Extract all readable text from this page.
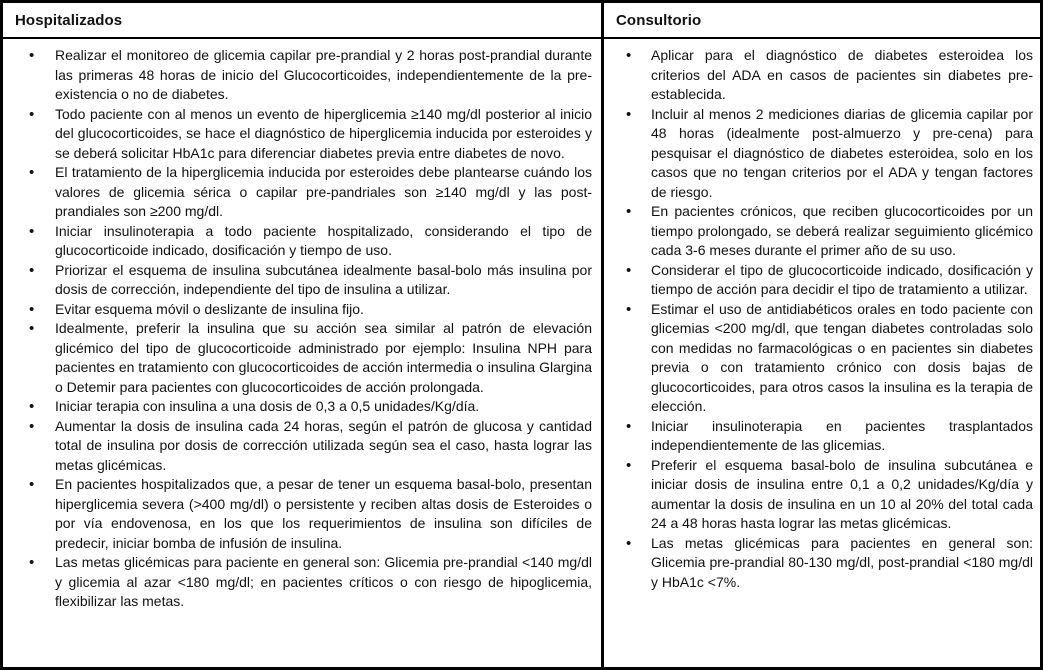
Hospitalizados
• Realizar el monitoreo de glicemia capilar pre-prandial y 2 horas post-prandial durante las primeras 48 horas de inicio del Glucocorticoides, independientemente de la pre-existencia o no de diabetes.
• Todo paciente con al menos un evento de hiperglicemia ≥140 mg/dl posterior al inicio del glucocorticoides, se hace el diagnóstico de hiperglicemia inducida por esteroides y se deberá solicitar HbA1c para diferenciar diabetes previa entre diabetes de novo.
• El tratamiento de la hiperglicemia inducida por esteroides debe plantearse cuándo los valores de glicemia sérica o capilar pre-pandriales son ≥140 mg/dl y las post-prandiales son ≥200 mg/dl.
• Iniciar insulinoterapia a todo paciente hospitalizado, considerando el tipo de glucocorticoide indicado, dosificación y tiempo de uso.
• Priorizar el esquema de insulina subcutánea idealmente basal-bolo más insulina por dosis de corrección, independiente del tipo de insulina a utilizar.
• Evitar esquema móvil o deslizante de insulina fijo.
• Idealmente, preferir la insulina que su acción sea similar al patrón de elevación glicémico del tipo de glucocorticoide administrado por ejemplo: Insulina NPH para pacientes en tratamiento con glucocorticoides de acción intermedia o insulina Glargina o Detemir para pacientes con glucocorticoides de acción prolongada.
• Iniciar terapia con insulina a una dosis de 0,3 a 0,5 unidades/Kg/día.
• Aumentar la dosis de insulina cada 24 horas, según el patrón de glucosa y cantidad total de insulina por dosis de corrección utilizada según sea el caso, hasta lograr las metas glicémicas.
• En pacientes hospitalizados que, a pesar de tener un esquema basal-bolo, presentan hiperglicemia severa (>400 mg/dl) o persistente y reciben altas dosis de Esteroides o por vía endovenosa, en los que los requerimientos de insulina son difíciles de predecir, iniciar bomba de infusión de insulina.
• Las metas glicémicas para paciente en general son: Glicemia pre-prandial <140 mg/dl y glicemia al azar <180 mg/dl; en pacientes críticos o con riesgo de hipoglicemia, flexibilizar las metas.
Consultorio
• Aplicar para el diagnóstico de diabetes esteroidea los criterios del ADA en casos de pacientes sin diabetes pre-establecida.
• Incluir al menos 2 mediciones diarias de glicemia capilar por 48 horas (idealmente post-almuerzo y pre-cena) para pesquisar el diagnóstico de diabetes esteroidea, solo en los casos que no tengan criterios por el ADA y tengan factores de riesgo.
• En pacientes crónicos, que reciben glucocorticoides por un tiempo prolongado, se deberá realizar seguimiento glicémico cada 3-6 meses durante el primer año de su uso.
• Considerar el tipo de glucocorticoide indicado, dosificación y tiempo de acción para decidir el tipo de tratamiento a utilizar.
• Estimar el uso de antidiabéticos orales en todo paciente con glicemias <200 mg/dl, que tengan diabetes controladas solo con medidas no farmacológicas o en pacientes sin diabetes previa o con tratamiento crónico con dosis bajas de glucocorticoides, para otros casos la insulina es la terapia de elección.
• Iniciar insulinoterapia en pacientes trasplantados independientemente de las glicemias.
• Preferir el esquema basal-bolo de insulina subcutánea e iniciar dosis de insulina entre 0,1 a 0,2 unidades/Kg/día y aumentar la dosis de insulina en un 10 al 20% del total cada 24 a 48 horas hasta lograr las metas glicémicas.
• Las metas glicémicas para pacientes en general son: Glicemia pre-prandial 80-130 mg/dl, post-prandial <180 mg/dl y HbA1c <7%.
